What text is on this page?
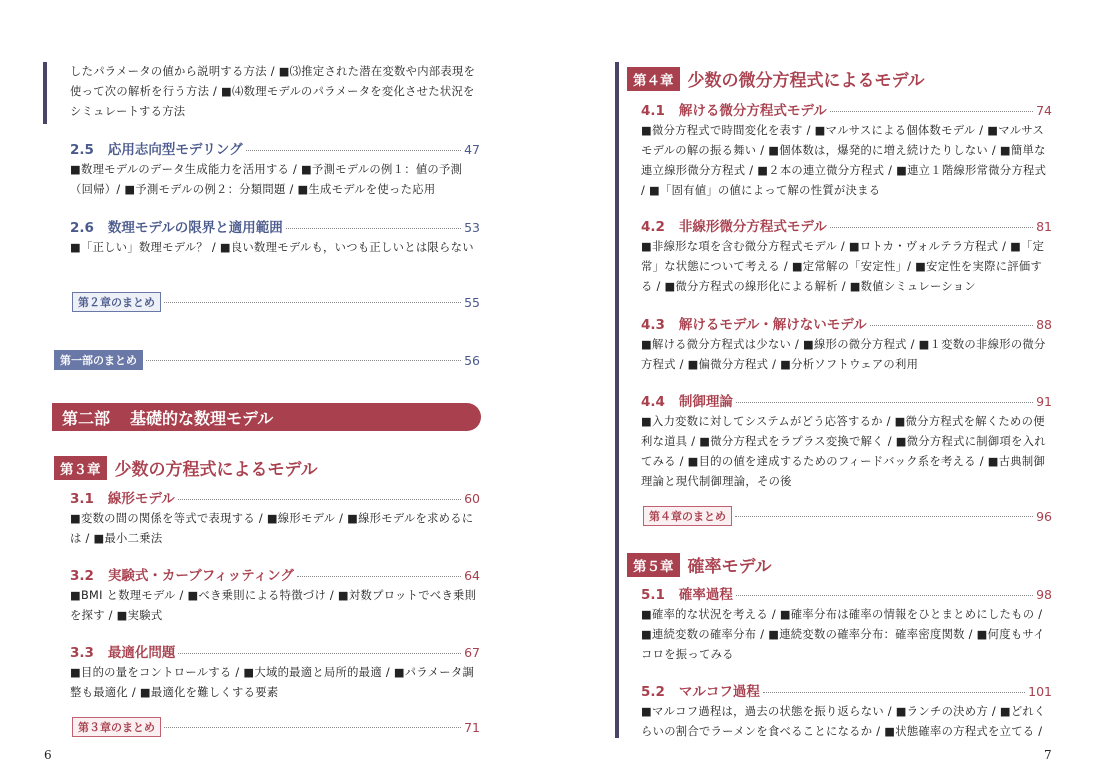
したパラメータの値から説明する方法 / ■⑶推定された潜在変数や内部表現を使って次の解析を行う方法 / ■⑷数理モデルのパラメータを変化させた状況をシミュレートする方法
2.5 応用志向型モデリング	47
■数理モデルのデータ生成能力を活用する / ■予測モデルの例１：値の予測（回帰）/ ■予測モデルの例２：分類問題 / ■生成モデルを使った応用
2.6 数理モデルの限界と適用範囲	53
■「正しい」数理モデル？ / ■良い数理モデルも，いつも正しいとは限らない
第２章のまとめ	55
第一部のまとめ	56
第二部 基礎的な数理モデル
第３章 少数の方程式によるモデル
3.1 線形モデル	60
■変数の間の関係を等式で表現する / ■線形モデル / ■線形モデルを求めるには / ■最小二乗法
3.2 実験式・カーブフィッティング	64
■BMI と数理モデル / ■べき乗則による特徴づけ / ■対数プロットでべき乗則を探す / ■実験式
3.3 最適化問題	67
■目的の量をコントロールする / ■大域的最適と局所的最適 / ■パラメータ調整も最適化 / ■最適化を難しくする要素
第３章のまとめ	71
6
第４章 少数の微分方程式によるモデル
4.1 解ける微分方程式モデル	74
■微分方程式で時間変化を表す / ■マルサスによる個体数モデル / ■マルサスモデルの解の振る舞い / ■個体数は，爆発的に増え続けたりしない / ■簡単な連立線形微分方程式 / ■２本の連立微分方程式 / ■連立１階線形常微分方程式 / ■「固有値」の値によって解の性質が決まる
4.2 非線形微分方程式モデル	81
■非線形な項を含む微分方程式モデル / ■ロトカ・ヴォルテラ方程式 / ■「定常」な状態について考える / ■定常解の「安定性」/ ■安定性を実際に評価する / ■微分方程式の線形化による解析 / ■数値シミュレーション
4.3 解けるモデル・解けないモデル	88
■解ける微分方程式は少ない / ■線形の微分方程式 / ■１変数の非線形の微分方程式 / ■偏微分方程式 / ■分析ソフトウェアの利用
4.4 制御理論	91
■入力変数に対してシステムがどう応答するか / ■微分方程式を解くための便利な道具 / ■微分方程式をラプラス変換で解く / ■微分方程式に制御項を入れてみる / ■目的の値を達成するためのフィードバック系を考える / ■古典制御理論と現代制御理論，その後
第４章のまとめ	96
第５章 確率モデル
5.1 確率過程	98
■確率的な状況を考える / ■確率分布は確率の情報をひとまとめにしたもの / ■連続変数の確率分布 / ■連続変数の確率分布：確率密度関数 / ■何度もサイコロを振ってみる
5.2 マルコフ過程	101
■マルコフ過程は，過去の状態を振り返らない / ■ランチの決め方 / ■どれくらいの割合でラーメンを食べることになるか / ■状態確率の方程式を立てる /
7
